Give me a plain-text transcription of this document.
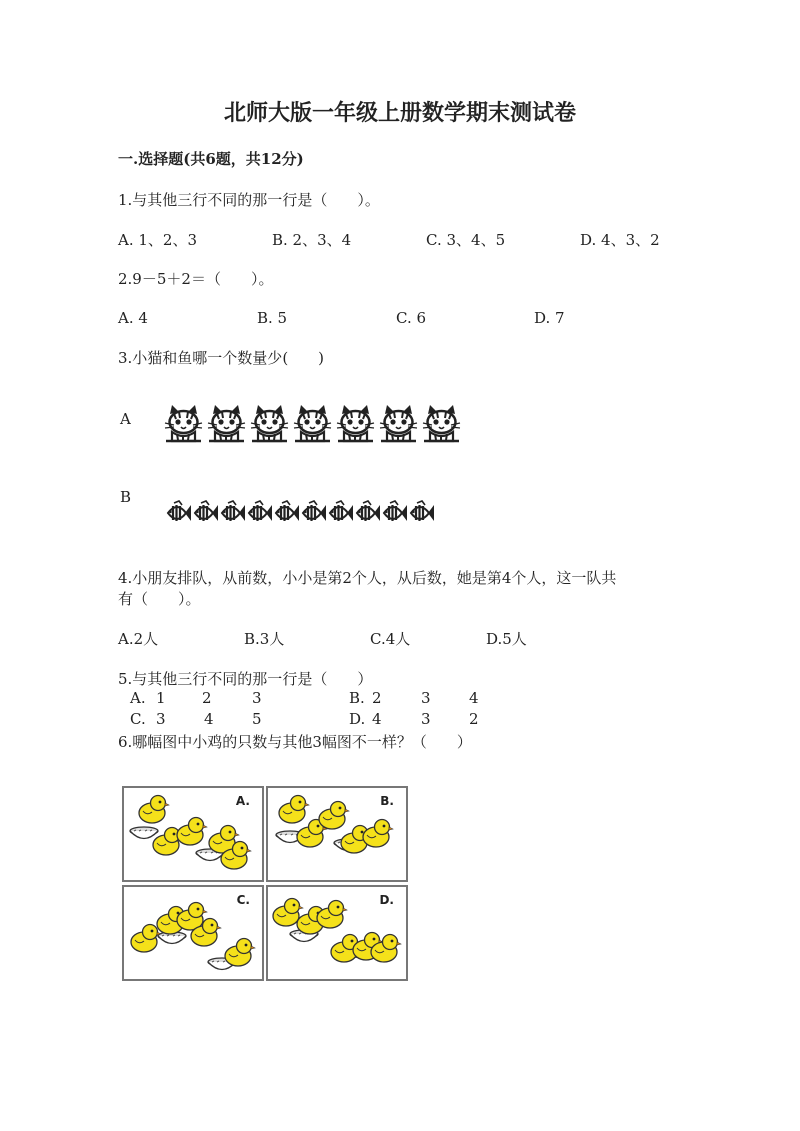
北师大版一年级上册数学期末测试卷
一.选择题(共6题，共12分)
1.与其他三行不同的那一行是（　　）。
A. 1、2、3	B. 2、3、4	C. 3、4、5	D. 4、3、2
2.9－5＋2＝（　　）。
A. 4	B. 5	C. 6	D. 7
3.小猫和鱼哪一个数量少(　　)
A
B
4.小朋友排队，从前数，小小是第2个人，从后数，她是第4个人，这一队共
有（　　）。
A.2人	B.3人	C.4人	D.5人
5.与其他三行不同的那一行是（　　）
A. 1 2	3	B. 2	3	4
C. 3	4	5	D. 4	3	2
6.哪幅图中小鸡的只数与其他3幅图不一样？（　　）
A.	B.
C.	D.
